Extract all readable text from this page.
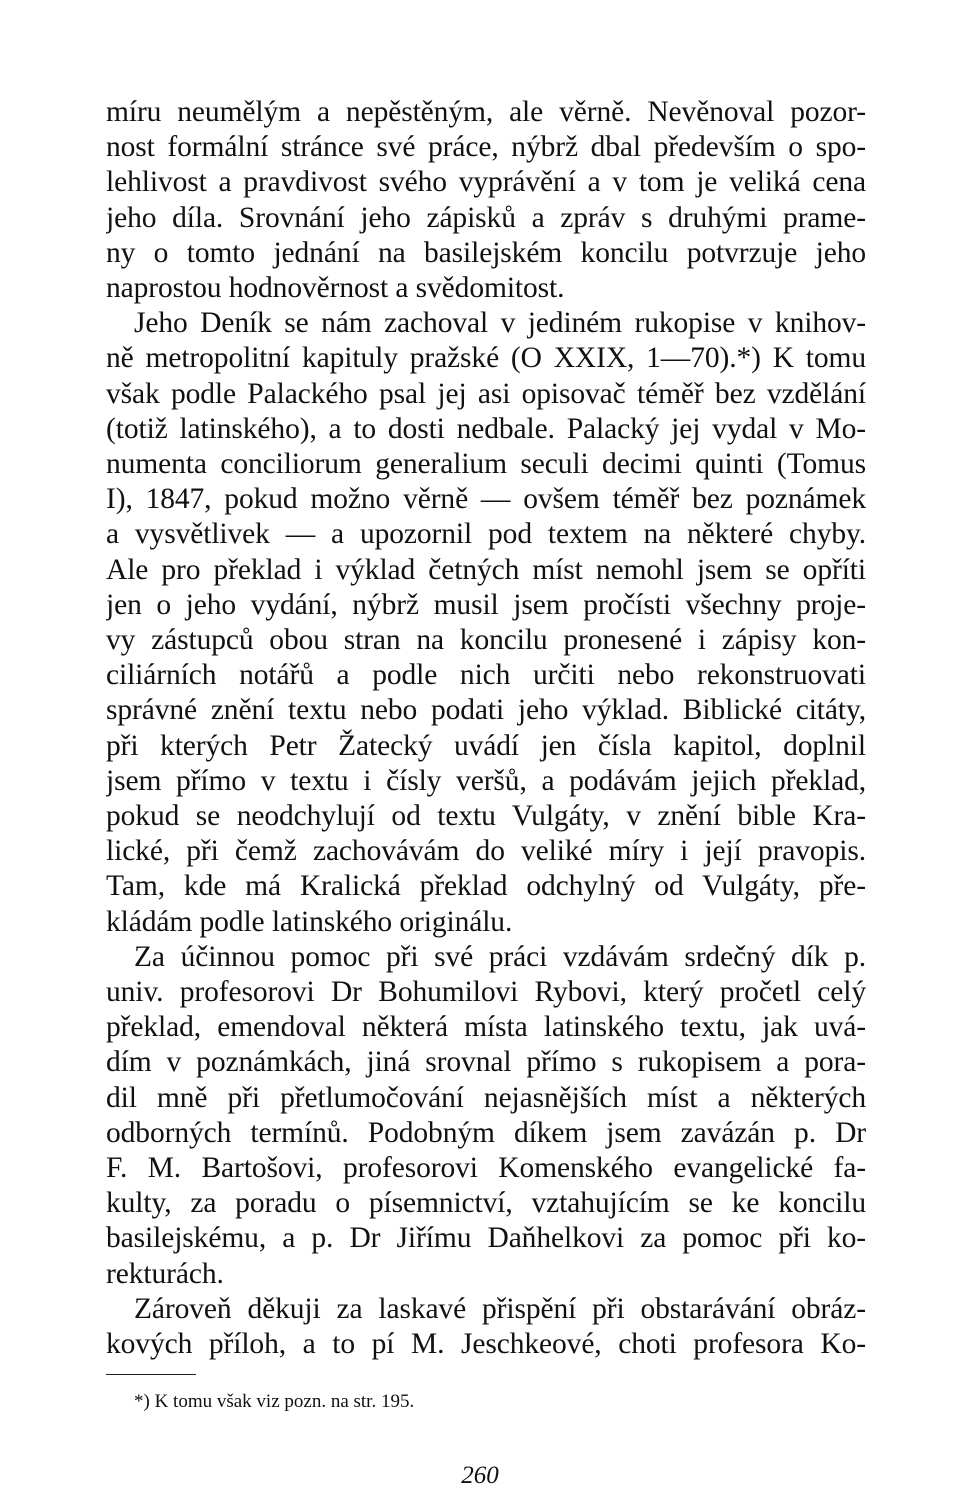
míru neumělým a nepěstěným, ale věrně. Nevěnoval pozor-
nost formální stránce své práce, nýbrž dbal především o spo-
lehlivost a pravdivost svého vyprávění a v tom je veliká cena
jeho díla. Srovnání jeho zápisků a zpráv s druhými prame-
ny o tomto jednání na basilejském koncilu potvrzuje jeho
naprostou hodnověrnost a svědomitost.
Jeho Deník se nám zachoval v jediném rukopise v knihov-
ně metropolitní kapituly pražské (O XXIX, 1—70).*) K tomu
však podle Palackého psal jej asi opisovač téměř bez vzdělání
(totiž latinského), a to dosti nedbale. Palacký jej vydal v Mo-
numenta conciliorum generalium seculi decimi quinti (Tomus
I), 1847, pokud možno věrně — ovšem téměř bez poznámek
a vysvětlivek — a upozornil pod textem na některé chyby.
Ale pro překlad i výklad četných míst nemohl jsem se opříti
jen o jeho vydání, nýbrž musil jsem pročísti všechny proje-
vy zástupců obou stran na koncilu pronesené i zápisy kon-
ciliárních notářů a podle nich určiti nebo rekonstruovati
správné znění textu nebo podati jeho výklad. Biblické citáty,
při kterých Petr Žatecký uvádí jen čísla kapitol, doplnil
jsem přímo v textu i čísly veršů, a podávám jejich překlad,
pokud se neodchylují od textu Vulgáty, v znění bible Kra-
lické, při čemž zachovávám do veliké míry i její pravopis.
Tam, kde má Kralická překlad odchylný od Vulgáty, pře-
kládám podle latinského originálu.
Za účinnou pomoc při své práci vzdávám srdečný dík p.
univ. profesorovi Dr Bohumilovi Rybovi, který pročetl celý
překlad, emendoval některá místa latinského textu, jak uvá-
dím v poznámkách, jiná srovnal přímo s rukopisem a pora-
dil mně při přetlumočování nejasnějších míst a některých
odborných termínů. Podobným díkem jsem zavázán p. Dr
F. M. Bartošovi, profesorovi Komenského evangelické fa-
kulty, za poradu o písemnictví, vztahujícím se ke koncilu
basilejskému, a p. Dr Jiřímu Daňhelkovi za pomoc při ko-
rekturách.
Zároveň děkuji za laskavé přispění při obstarávání obráz-
kových příloh, a to pí M. Jeschkeové, choti profesora Ko-
*) K tomu však viz pozn. na str. 195.
260
